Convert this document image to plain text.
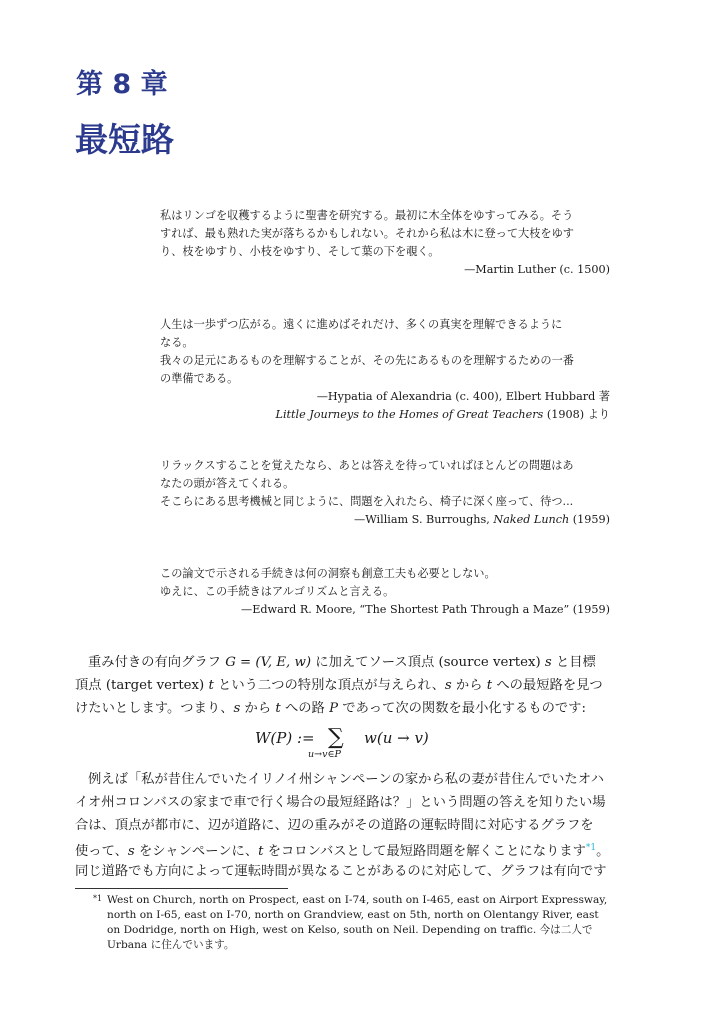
第 8 章
最短路
私はリンゴを収穫するように聖書を研究する。最初に木全体をゆすってみる。そう
すれば、最も熟れた実が落ちるかもしれない。それから私は木に登って大枝をゆす
り、枝をゆすり、小枝をゆすり、そして葉の下を覗く。
—Martin Luther (c. 1500)
人生は一歩ずつ広がる。遠くに進めばそれだけ、多くの真実を理解できるように
なる。
我々の足元にあるものを理解することが、その先にあるものを理解するための一番
の準備である。
—Hypatia of Alexandria (c. 400), Elbert Hubbard 著
Little Journeys to the Homes of Great Teachers (1908) より
リラックスすることを覚えたなら、あとは答えを待っていればほとんどの問題はあ
なたの頭が答えてくれる。
そこらにある思考機械と同じように、問題を入れたら、椅子に深く座って、待つ...
—William S. Burroughs, Naked Lunch (1959)
この論文で示される手続きは何の洞察も創意工夫も必要としない。
ゆえに、この手続きはアルゴリズムと言える。
—Edward R. Moore, “The Shortest Path Through a Maze” (1959)
重み付きの有向グラフ G = (V, E, w) に加えてソース頂点 (source vertex) s と目標
頂点 (target vertex) t という二つの特別な頂点が与えられ、s から t への最短路を見つ
けたいとします。つまり、s から t への路 P であって次の関数を最小化するものです:
W(P) := ∑
u→v∈P
w(u → v)
例えば「私が昔住んでいたイリノイ州シャンペーンの家から私の妻が昔住んでいたオハ
イオ州コロンバスの家まで車で行く場合の最短経路は？」という問題の答えを知りたい場
合は、頂点が都市に、辺が道路に、辺の重みがその道路の運転時間に対応するグラフを
使って、s をシャンペーンに、t をコロンバスとして最短路問題を解くことになります$^{*1}$。
同じ道路でも方向によって運転時間が異なることがあるのに対応して、グラフは有向です
*1 West on Church, north on Prospect, east on I-74, south on I-465, east on Airport Expressway,
north on I-65, east on I-70, north on Grandview, east on 5th, north on Olentangy River, east
on Dodridge, north on High, west on Kelso, south on Neil. Depending on traffic. 今は二人で
Urbana に住んでいます。
